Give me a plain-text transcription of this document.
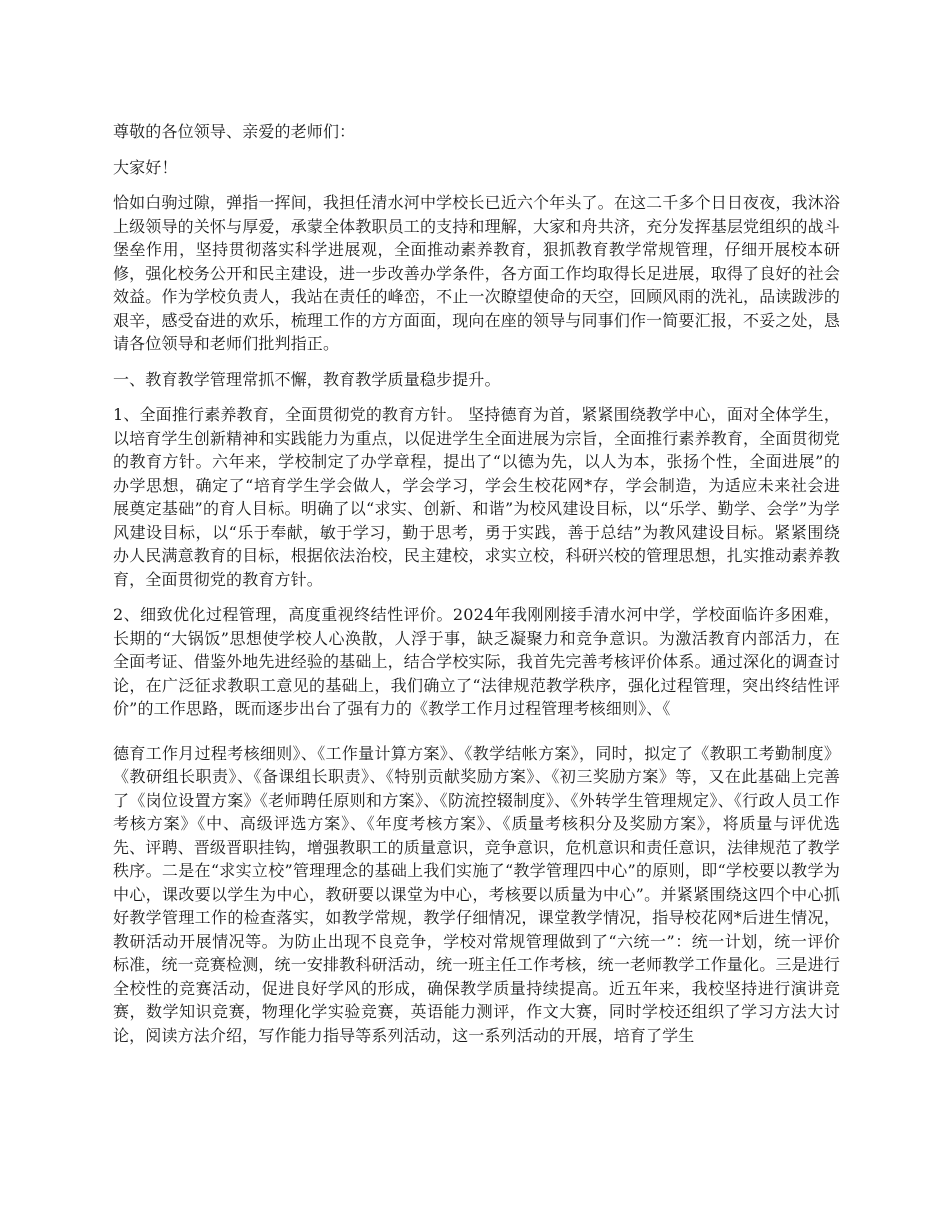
尊敬的各位领导、亲爱的老师们：

大家好！

恰如白驹过隙，弹指一挥间，我担任清水河中学校长已近六个年头了。在这二千多个日日夜夜，我沐浴上级领导的关怀与厚爱，承蒙全体教职员工的支持和理解，大家和舟共济，充分发挥基层党组织的战斗堡垒作用，坚持贯彻落实科学进展观，全面推动素养教育，狠抓教育教学常规管理，仔细开展校本研修，强化校务公开和民主建设，进一步改善办学条件，各方面工作均取得长足进展，取得了良好的社会效益。作为学校负责人，我站在责任的峰峦，不止一次瞭望使命的天空，回顾风雨的洗礼，品读跋涉的艰辛，感受奋进的欢乐，梳理工作的方方面面，现向在座的领导与同事们作一简要汇报，不妥之处，恳请各位领导和老师们批判指正。

一、教育教学管理常抓不懈，教育教学质量稳步提升。

1、全面推行素养教育，全面贯彻党的教育方针。 坚持德育为首，紧紧围绕教学中心，面对全体学生，以培育学生创新精神和实践能力为重点，以促进学生全面进展为宗旨，全面推行素养教育，全面贯彻党的教育方针。六年来，学校制定了办学章程，提出了“以德为先，以人为本，张扬个性，全面进展”的办学思想，确定了“培育学生学会做人，学会学习，学会生校花网*存，学会制造，为适应未来社会进展奠定基础”的育人目标。明确了以“求实、创新、和谐”为校风建设目标，以“乐学、勤学、会学”为学风建设目标，以“乐于奉献，敏于学习，勤于思考，勇于实践，善于总结”为教风建设目标。紧紧围绕办人民满意教育的目标，根据依法治校，民主建校，求实立校，科研兴校的管理思想，扎实推动素养教育，全面贯彻党的教育方针。

2、细致优化过程管理，高度重视终结性评价。2024年我刚刚接手清水河中学，学校面临许多困难，长期的“大锅饭”思想使学校人心涣散，人浮于事，缺乏凝聚力和竞争意识。为激活教育内部活力，在全面考证、借鉴外地先进经验的基础上，结合学校实际，我首先完善考核评价体系。通过深化的调查讨论，在广泛征求教职工意见的基础上，我们确立了“法律规范教学秩序，强化过程管理，突出终结性评价”的工作思路，既而逐步出台了强有力的《教学工作月过程管理考核细则》、《

德育工作月过程考核细则》、《工作量计算方案》、《教学结帐方案》，同时，拟定了《教职工考勤制度》《教研组长职责》、《备课组长职责》、《特别贡献奖励方案》、《初三奖励方案》等，又在此基础上完善了《岗位设置方案》《老师聘任原则和方案》、《防流控辍制度》、《外转学生管理规定》、《行政人员工作考核方案》《中、高级评选方案》、《年度考核方案》、《质量考核积分及奖励方案》，将质量与评优选先、评聘、晋级晋职挂钩，增强教职工的质量意识，竞争意识，危机意识和责任意识，法律规范了教学秩序。二是在“求实立校”管理理念的基础上我们实施了“教学管理四中心”的原则，即“学校要以教学为中心，课改要以学生为中心，教研要以课堂为中心，考核要以质量为中心”。并紧紧围绕这四个中心抓好教学管理工作的检查落实，如教学常规，教学仔细情况，课堂教学情况，指导校花网*后进生情况，教研活动开展情况等。为防止出现不良竞争，学校对常规管理做到了“六统一”：统一计划，统一评价标准，统一竞赛检测，统一安排教科研活动，统一班主任工作考核，统一老师教学工作量化。三是进行全校性的竞赛活动，促进良好学风的形成，确保教学质量持续提高。近五年来，我校坚持进行演讲竞赛，数学知识竞赛，物理化学实验竞赛，英语能力测评，作文大赛，同时学校还组织了学习方法大讨论，阅读方法介绍，写作能力指导等系列活动，这一系列活动的开展，培育了学生
